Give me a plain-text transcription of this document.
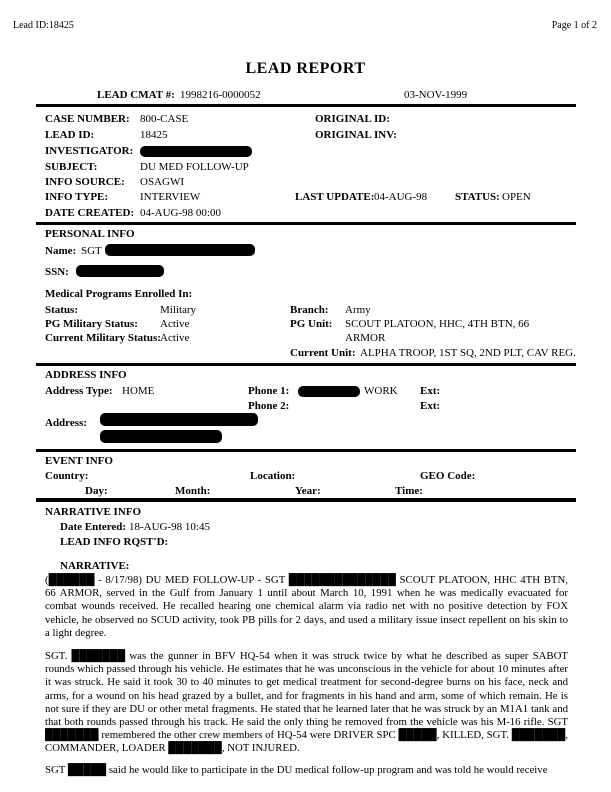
Lead ID:18425	Page 1 of 2
LEAD REPORT
LEAD CMAT #: 1998216-0000052	03-NOV-1999
CASE NUMBER: 800-CASE	ORIGINAL ID:
LEAD ID:	18425	ORIGINAL INV:
INVESTIGATOR:
SUBJECT:	DU MED FOLLOW-UP
INFO SOURCE: OSAGWI
INFO TYPE:	INTERVIEW	LAST UPDATE: 04-AUG-98	STATUS: OPEN
DATE CREATED: 04-AUG-98 00:00
PERSONAL INFO
Name: SGT
SSN:
Medical Programs Enrolled In:
Status:	Military	Branch: Army
PG Military Status: Active	PG Unit: SCOUT PLATOON, HHC, 4TH BTN, 66
Current Military Status: Active	ARMOR
Current Unit: ALPHA TROOP, 1ST SQ, 2ND PLT, CAV REG.
ADDRESS INFO
Address Type: HOME	Phone 1:	WORK Ext:
Phone 2:	Ext:
Address:
EVENT INFO
Country:	Location:	GEO Code:
Day:	Month:	Year:	Time:
NARRATIVE INFO
Date Entered: 18-AUG-98 10:45
LEAD INFO RQST'D:
NARRATIVE:
(██████ - 8/17/98) DU MED FOLLOW-UP - SGT ██████████████ SCOUT PLATOON, HHC 4TH BTN, 66 ARMOR, served in the Gulf from January 1 until about March 10, 1991 when he was medically evacuated for combat wounds received. He recalled hearing one chemical alarm via radio net with no positive detection by FOX vehicle, he observed no SCUD activity, took PB pills for 2 days, and used a military issue insect repellent on his skin to a light degree.
SGT. ███████ was the gunner in BFV HQ-54 when it was struck twice by what he described as super SABOT rounds which passed through his vehicle. He estimates that he was unconscious in the vehicle for about 10 minutes after it was struck. He said it took 30 to 40 minutes to get medical treatment for second-degree burns on his face, neck and arms, for a wound on his head grazed by a bullet, and for fragments in his hand and arm, some of which remain. He is not sure if they are DU or other metal fragments. He stated that he learned later that he was struck by an M1A1 tank and that both rounds passed through his track. He said the only thing he removed from the vehicle was his M-16 rifle. SGT ███████ remembered the other crew members of HQ-54 were DRIVER SPC █████, KILLED, SGT. ███████, COMMANDER, LOADER ███████, NOT INJURED.
SGT █████ said he would like to participate in the DU medical follow-up program and was told he would receive
